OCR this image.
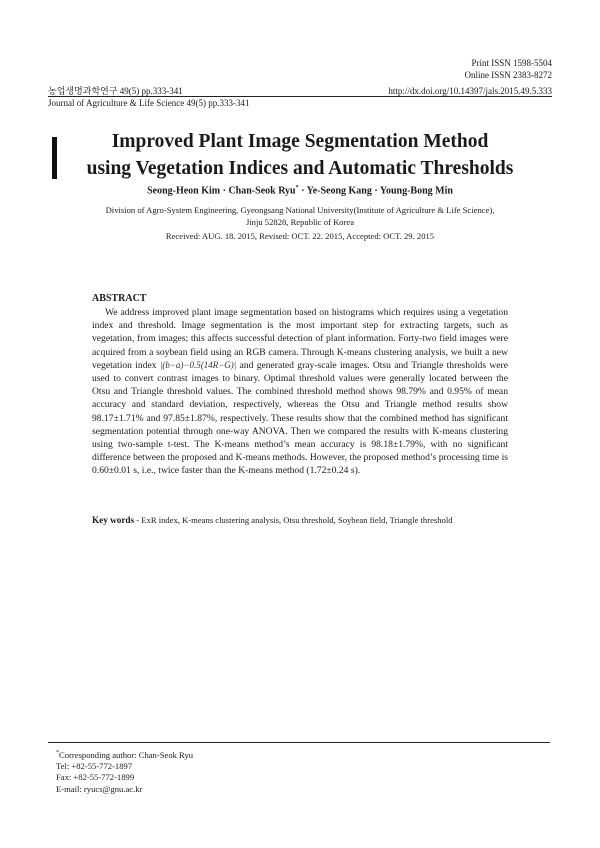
Print ISSN 1598-5504
Online ISSN 2383-8272
농업생명과학연구 49(5) pp.333-341
Journal of Agriculture & Life Science 49(5) pp.333-341
http://dx.doi.org/10.14397/jals.2015.49.5.333
Improved Plant Image Segmentation Method
using Vegetation Indices and Automatic Thresholds
Seong-Heon Kim · Chan-Seok Ryu* · Ye-Seong Kang · Young-Bong Min
Division of Agro-System Engineering, Gyeongsang National University(Institute of Agriculture & Life Science),
Jinju 52828, Republic of Korea
Received: AUG. 18. 2015, Revised: OCT. 22. 2015, Accepted: OCT. 29. 2015
ABSTRACT
We address improved plant image segmentation based on histograms which requires using a vegetation index and threshold. Image segmentation is the most important step for extracting targets, such as vegetation, from images; this affects successful detection of plant information. Forty-two field images were acquired from a soybean field using an RGB camera. Through K-means clustering analysis, we built a new vegetation index |(b−a)−0.5(14R−G)| and generated gray-scale images. Otsu and Triangle thresholds were used to convert contrast images to binary. Optimal threshold values were generally located between the Otsu and Triangle threshold values. The combined threshold method shows 98.79% and 0.95% of mean accuracy and standard deviation, respectively, whereas the Otsu and Triangle method results show 98.17±1.71% and 97.85±1.87%, respectively. These results show that the combined method has significant segmentation potential through one-way ANOVA. Then we compared the results with K-means clustering using two-sample t-test. The K-means method’s mean accuracy is 98.18±1.79%, with no significant difference between the proposed and K-means methods. However, the proposed method’s processing time is 0.60±0.01 s, i.e., twice faster than the K-means method (1.72±0.24 s).
Key words - ExR index, K-means clustering analysis, Otsu threshold, Soybean field, Triangle threshold
*Corresponding author: Chan-Seok Ryu
Tel: +82-55-772-1897
Fax: +82-55-772-1899
E-mail: ryucs@gnu.ac.kr
